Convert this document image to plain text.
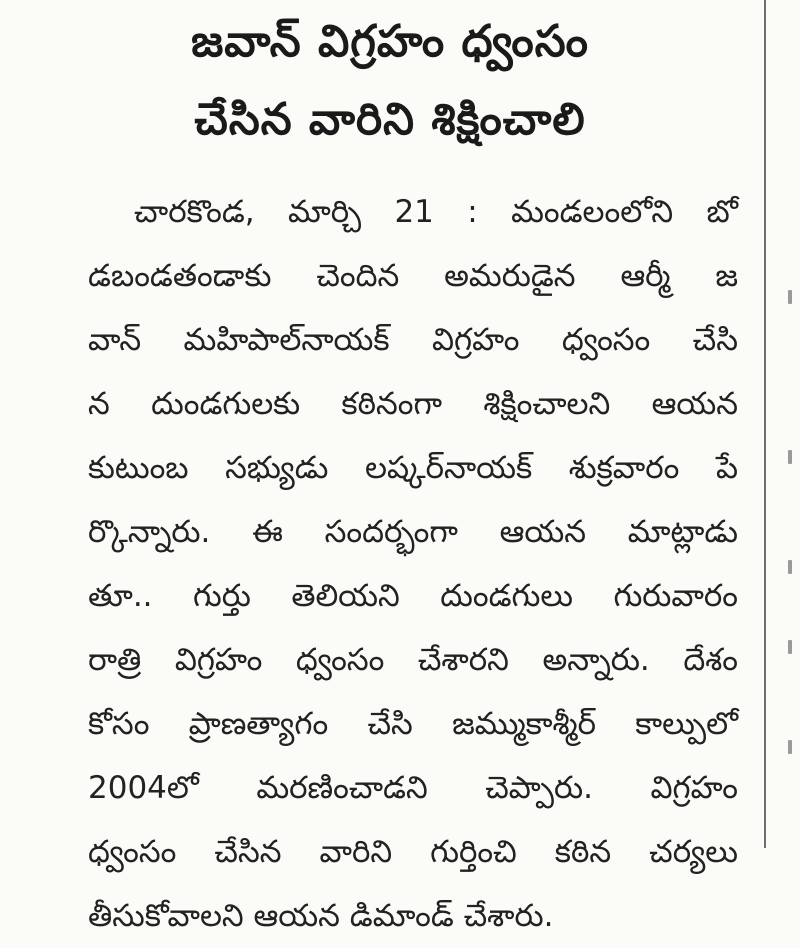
జవాన్ విగ్రహం ధ్వంసం
చేసిన వారిని శిక్షించాలి
చారకొండ, మార్చి 21 : మండలంలోని బో
డబండతండాకు చెందిన అమరుడైన ఆర్మీ జ
వాన్ మహిపాల్‌నాయక్ విగ్రహం ధ్వంసం చేసి
న దుండగులకు కఠినంగా శిక్షించాలని ఆయన
కుటుంబ సభ్యుడు లష్కర్‌నాయక్ శుక్రవారం పే
ర్కొన్నారు. ఈ సందర్భంగా ఆయన మాట్లాడు
తూ.. గుర్తు తెలియని దుండగులు గురువారం
రాత్రి విగ్రహం ధ్వంసం చేశారని అన్నారు. దేశం
కోసం ప్రాణత్యాగం చేసి జమ్ముకాశ్మీర్ కాల్పులో
2004లో మరణించాడని చెప్పారు. విగ్రహం
ధ్వంసం చేసిన వారిని గుర్తించి కఠిన చర్యలు
తీసుకోవాలని ఆయన డిమాండ్ చేశారు.
